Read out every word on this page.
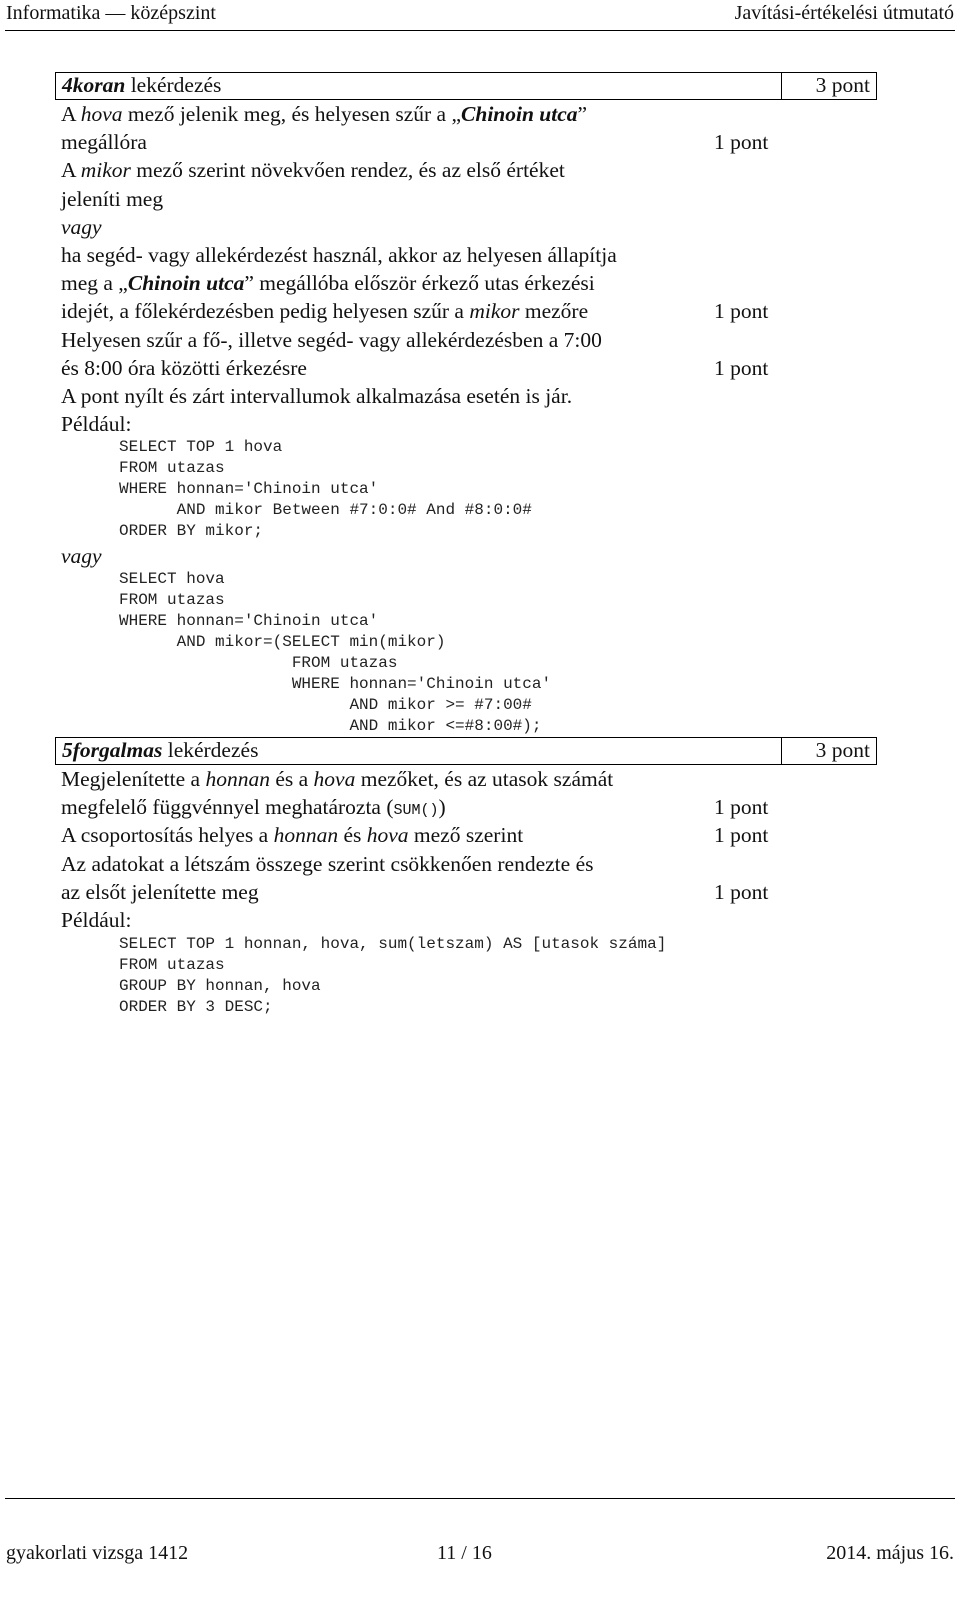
Informatika — középszint	Javítási-értékelési útmutató
4koran lekérdezés	3 pont
A hova mező jelenik meg, és helyesen szűr a „Chinoin utca”
megállóra	1 pont
A mikor mező szerint növekvően rendez, és az első értéket
jeleníti meg
vagy
ha segéd- vagy allekérdezést használ, akkor az helyesen állapítja
meg a „Chinoin utca” megállóba először érkező utas érkezési
idejét, a főlekérdezésben pedig helyesen szűr a mikor mezőre	1 pont
Helyesen szűr a fő-, illetve segéd- vagy allekérdezésben a 7:00
és 8:00 óra közötti érkezésre	1 pont
A pont nyílt és zárt intervallumok alkalmazása esetén is jár.
Például:
SELECT TOP 1 hova
FROM utazas
WHERE honnan='Chinoin utca'
AND mikor Between #7:0:0# And #8:0:0#
ORDER BY mikor;
vagy
SELECT hova
FROM utazas
WHERE honnan='Chinoin utca'
AND mikor=(SELECT min(mikor)
FROM utazas
WHERE honnan='Chinoin utca'
AND mikor >= #7:00#
AND mikor <=#8:00#);
5forgalmas lekérdezés	3 pont
Megjelenítette a honnan és a hova mezőket, és az utasok számát
megfelelő függvénnyel meghatározta (SUM())	1 pont
A csoportosítás helyes a honnan és hova mező szerint	1 pont
Az adatokat a létszám összege szerint csökkenően rendezte és
az elsőt jelenítette meg	1 pont
Például:
SELECT TOP 1 honnan, hova, sum(letszam) AS [utasok száma]
FROM utazas
GROUP BY honnan, hova
ORDER BY 3 DESC;
gyakorlati vizsga 1412	11 / 16	2014. május 16.
